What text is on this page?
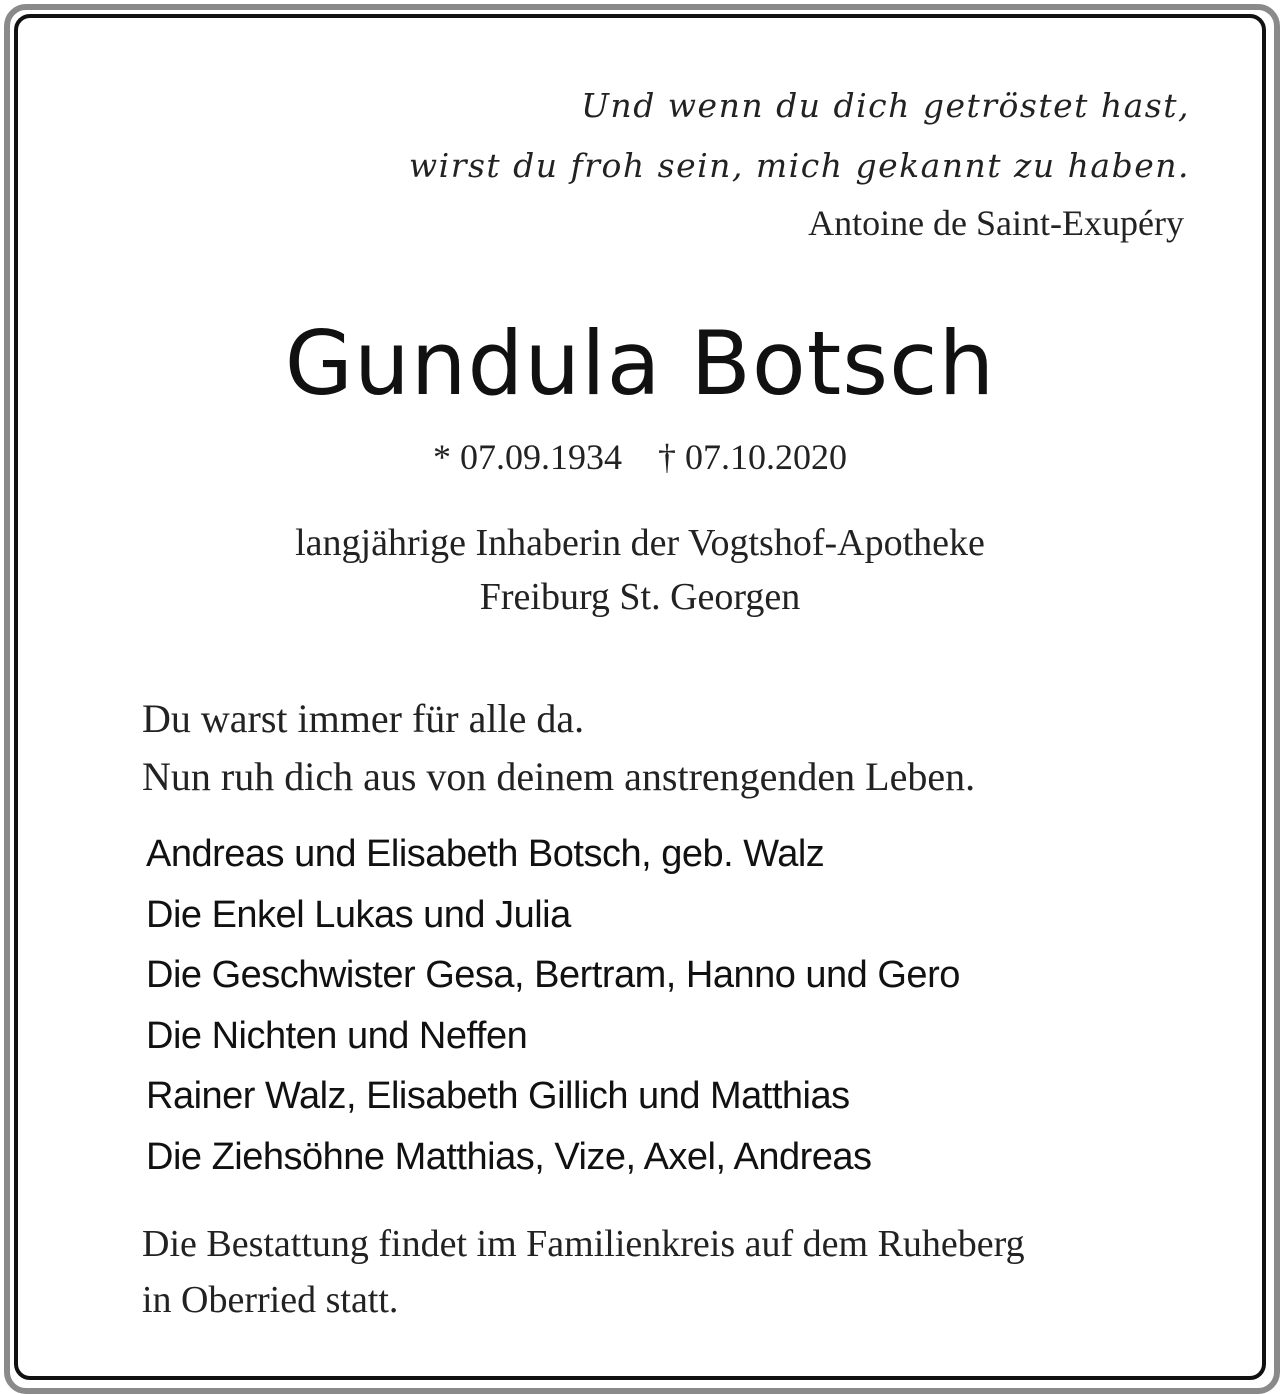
Und wenn du dich getröstet hast,
wirst du froh sein, mich gekannt zu haben.
Antoine de Saint-Exupéry
Gundula Botsch
* 07.09.1934 † 07.10.2020
langjährige Inhaberin der Vogtshof-Apotheke
Freiburg St. Georgen
Du warst immer für alle da.
Nun ruh dich aus von deinem anstrengenden Leben.
Andreas und Elisabeth Botsch, geb. Walz
Die Enkel Lukas und Julia
Die Geschwister Gesa, Bertram, Hanno und Gero
Die Nichten und Neffen
Rainer Walz, Elisabeth Gillich und Matthias
Die Ziehsöhne Matthias, Vize, Axel, Andreas
Die Bestattung findet im Familienkreis auf dem Ruheberg
in Oberried statt.
